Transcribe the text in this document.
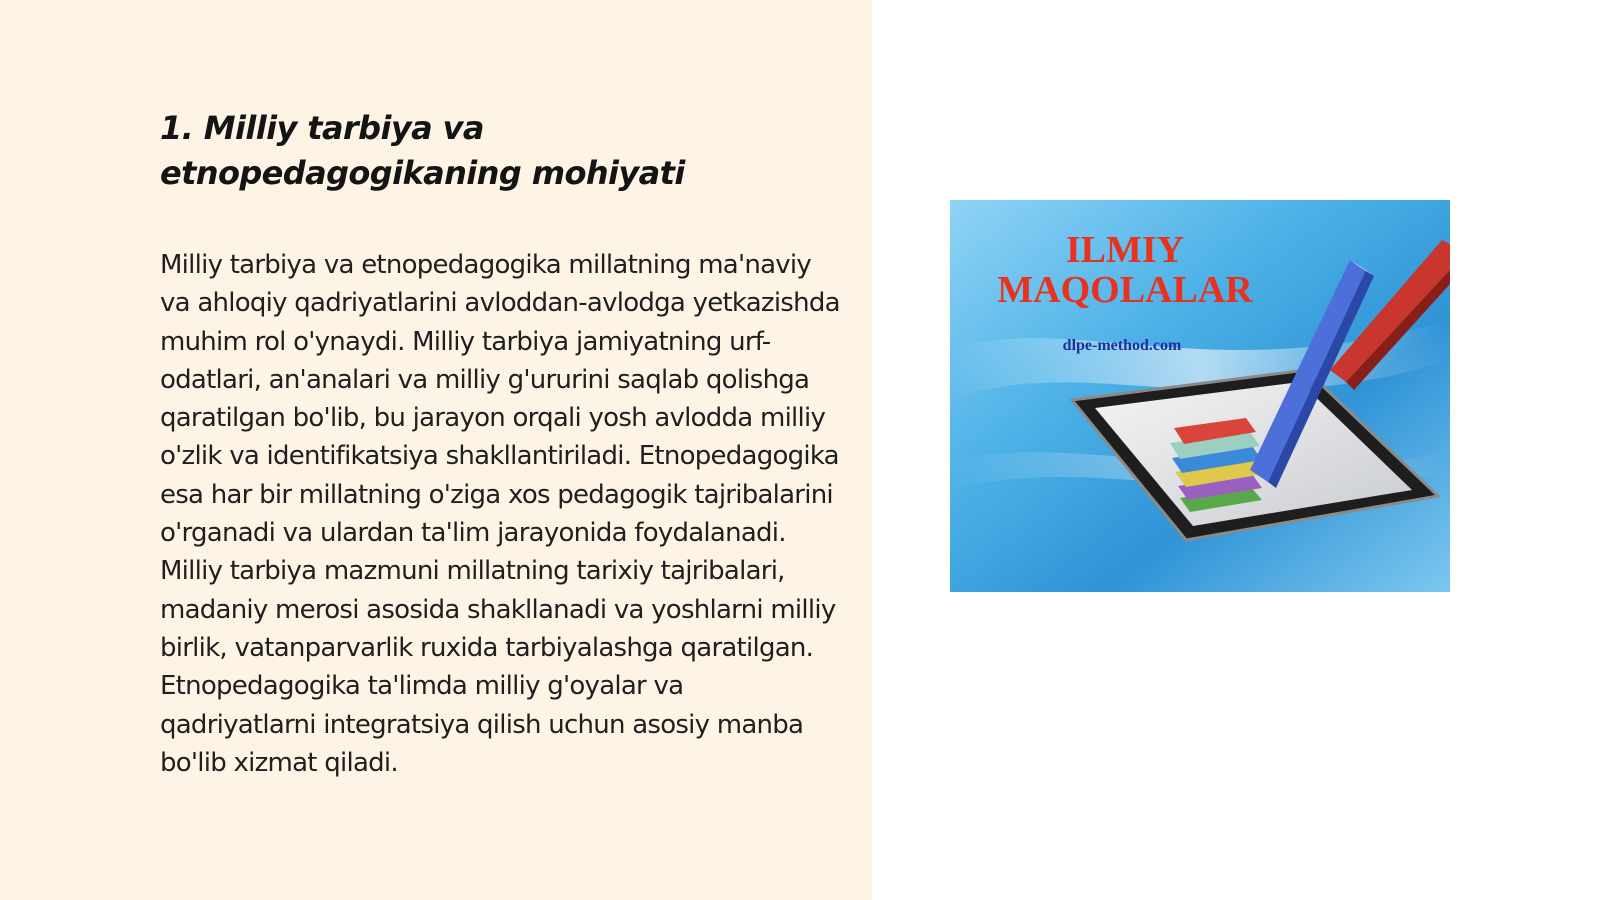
1. Milliy tarbiya va etnopedagogikaning mohiyati

Milliy tarbiya va etnopedagogika millatning ma'naviy va ahloqiy qadriyatlarini avloddan-avlodga yetkazishda muhim rol o'ynaydi. Milliy tarbiya jamiyatning urf-odatlari, an'analari va milliy g'ururini saqlab qolishga qaratilgan bo'lib, bu jarayon orqali yosh avlodda milliy o'zlik va identifikatsiya shakllantiriladi. Etnopedagogika esa har bir millatning o'ziga xos pedagogik tajribalarini o'rganadi va ulardan ta'lim jarayonida foydalanadi. Milliy tarbiya mazmuni millatning tarixiy tajribalari, madaniy merosi asosida shakllanadi va yoshlarni milliy birlik, vatanparvarlik ruxida tarbiyalashga qaratilgan. Etnopedagogika ta'limda milliy g'oyalar va qadriyatlarni integratsiya qilish uchun asosiy manba bo'lib xizmat qiladi.

ILMIY
MAQOLALAR
dlpe-method.com
